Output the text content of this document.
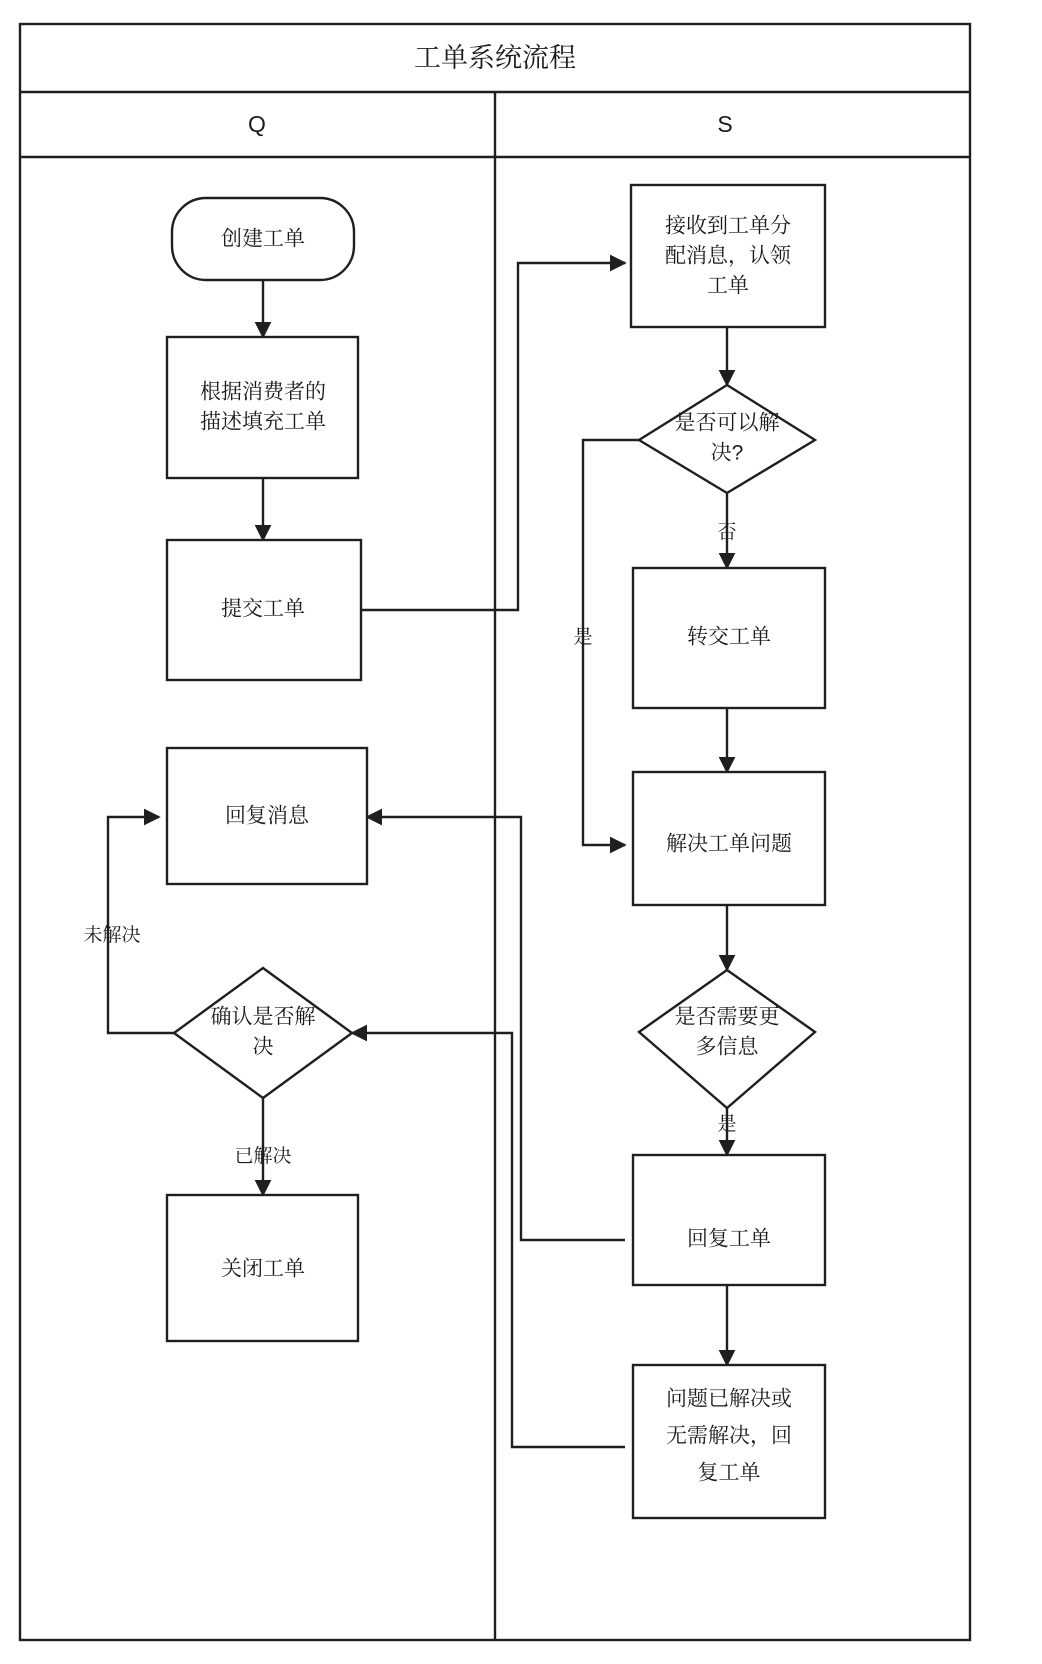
工单系统流程
Q	S
创建工单
根据消费者的
描述填充工单
提交工单
回复消息
确认是否解
决
关闭工单
接收到工单分
配消息，认领
工单
是否可以解
决?
转交工单
解决工单问题
是否需要更
多信息
回复工单
问题已解决或
无需解决，回
复工单
否
是
未解决
已解决
是
